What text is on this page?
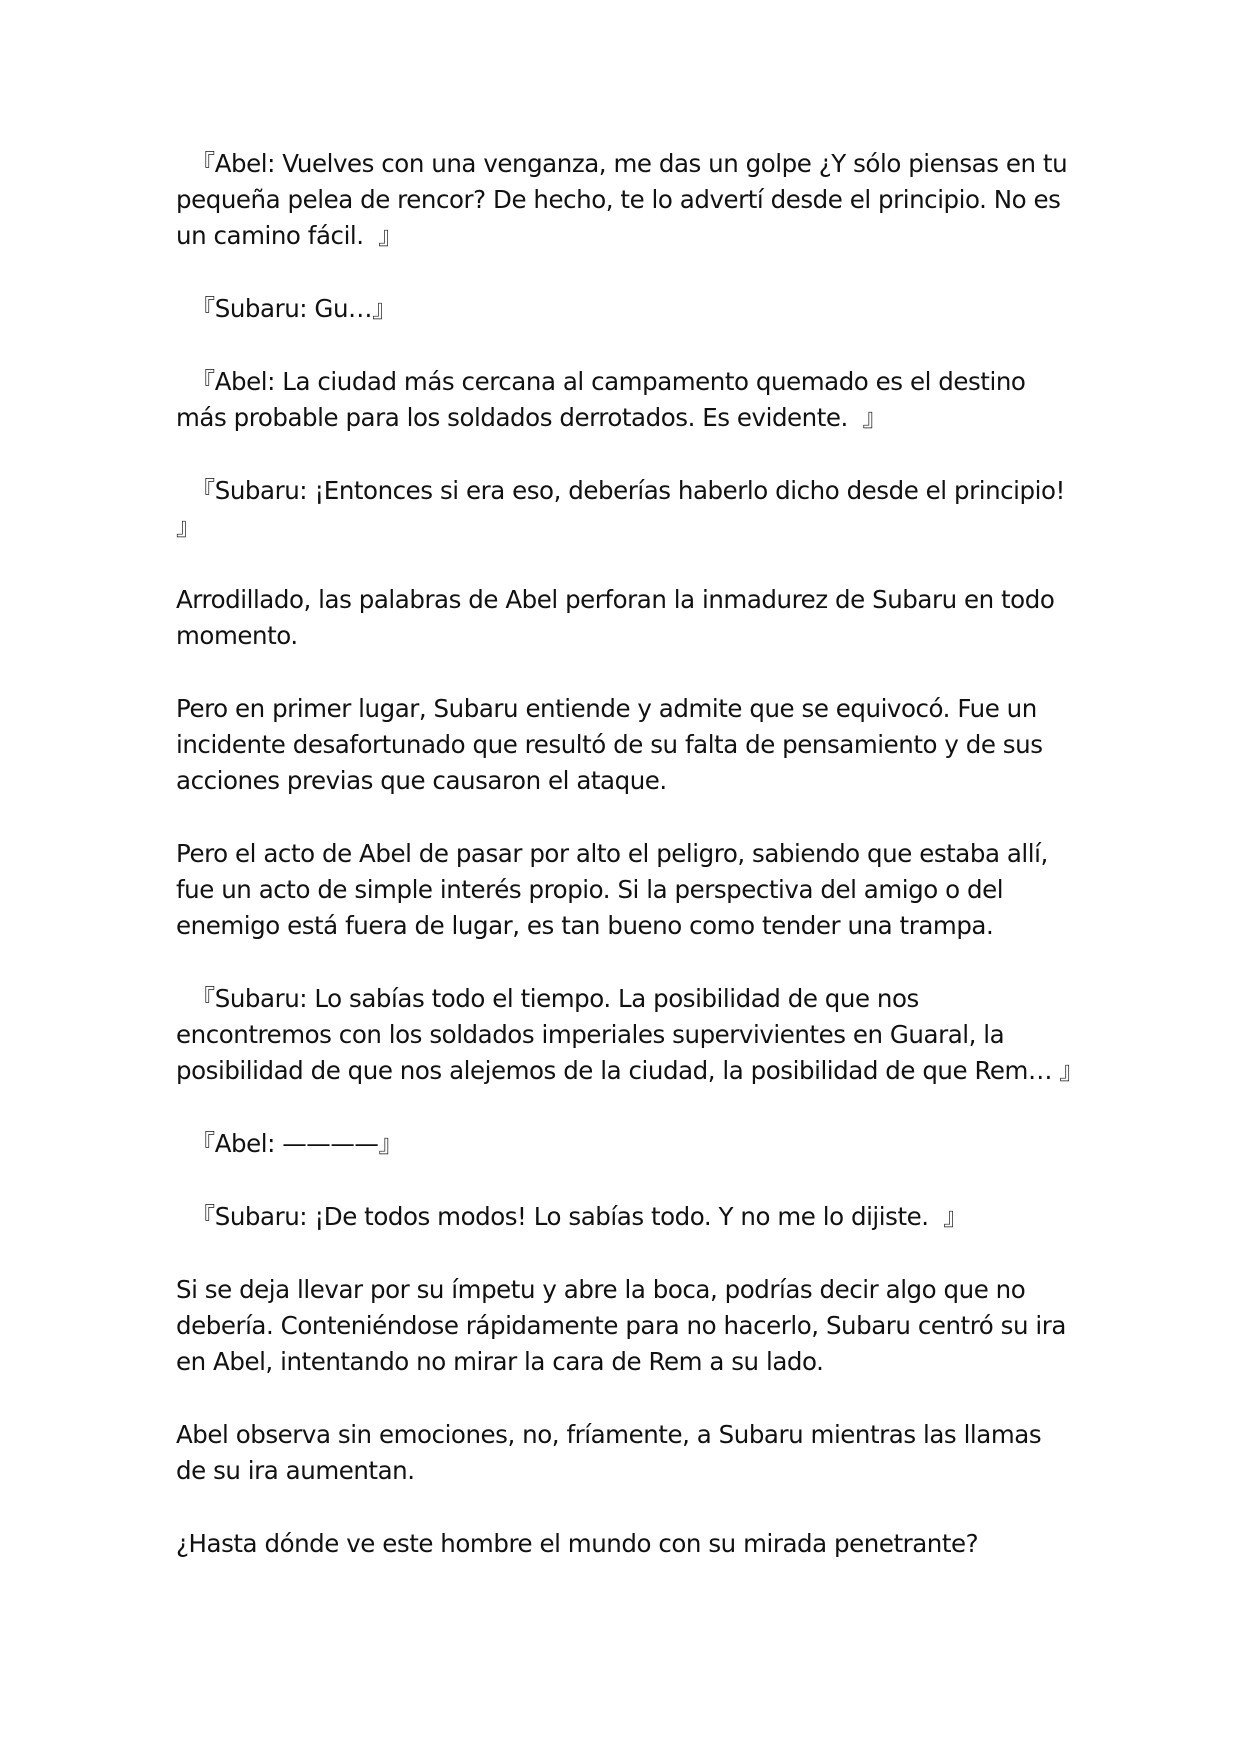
『Abel: Vuelves con una venganza, me das un golpe ¿Y sólo piensas en tu pequeña pelea de rencor? De hecho, te lo advertí desde el principio. No es un camino fácil.  』

『Subaru: Gu…』

『Abel: La ciudad más cercana al campamento quemado es el destino más probable para los soldados derrotados. Es evidente.  』

『Subaru: ¡Entonces si era eso, deberías haberlo dicho desde el principio! 』

Arrodillado, las palabras de Abel perforan la inmadurez de Subaru en todo momento.

Pero en primer lugar, Subaru entiende y admite que se equivocó. Fue un incidente desafortunado que resultó de su falta de pensamiento y de sus acciones previas que causaron el ataque.

Pero el acto de Abel de pasar por alto el peligro, sabiendo que estaba allí, fue un acto de simple interés propio. Si la perspectiva del amigo o del enemigo está fuera de lugar, es tan bueno como tender una trampa.

『Subaru: Lo sabías todo el tiempo. La posibilidad de que nos encontremos con los soldados imperiales supervivientes en Guaral, la posibilidad de que nos alejemos de la ciudad, la posibilidad de que Rem… 』

『Abel: ————』

『Subaru: ¡De todos modos! Lo sabías todo. Y no me lo dijiste.  』

Si se deja llevar por su ímpetu y abre la boca, podrías decir algo que no debería. Conteniéndose rápidamente para no hacerlo, Subaru centró su ira en Abel, intentando no mirar la cara de Rem a su lado.

Abel observa sin emociones, no, fríamente, a Subaru mientras las llamas de su ira aumentan.

¿Hasta dónde ve este hombre el mundo con su mirada penetrante?
